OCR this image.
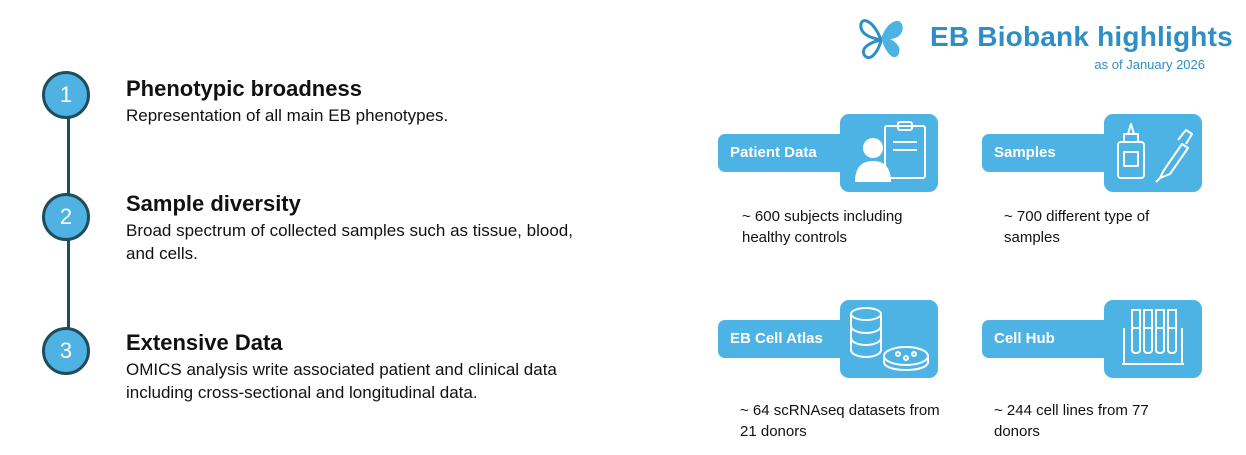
1	Phenotypic broadness

Representation of all main EB phenotypes.

2

Sample diversity

Broad spectrum of collected samples such as tissue, blood, and cells.

3	Extensive Data

OMICS analysis write associated patient and clinical data including cross-sectional and longitudinal data.

EB Biobank highlights
as of January 2026
Patient Data
~ 600 subjects including healthy controls
Samples
~ 700 different type of samples
EB Cell Atlas
~ 64 scRNAseq datasets from 21 donors
Cell Hub
~ 244 cell lines from 77 donors
